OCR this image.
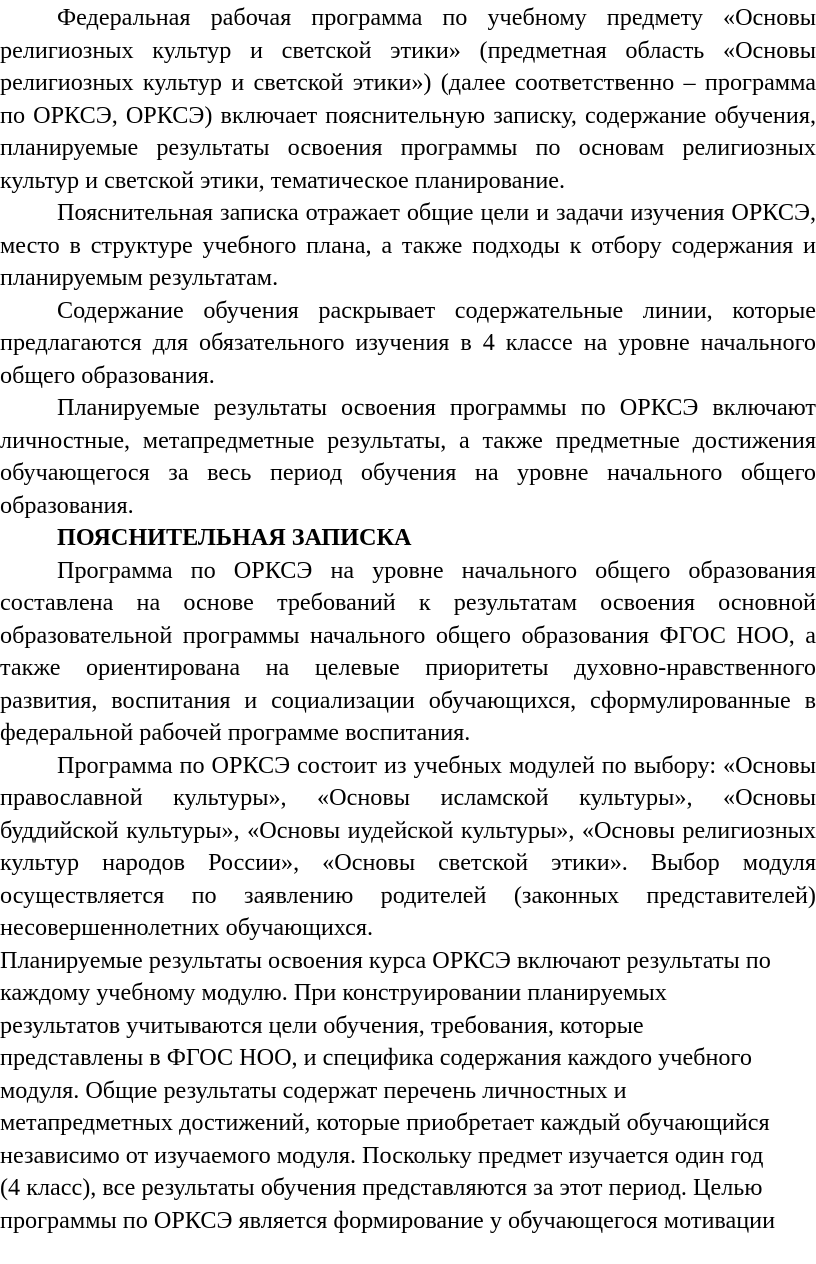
Федеральная рабочая программа по учебному предмету «Основы религиозных культур и светской этики» (предметная область «Основы религиозных культур и светской этики») (далее соответственно – программа по ОРКСЭ, ОРКСЭ) включает пояснительную записку, содержание обучения, планируемые результаты освоения программы по основам религиозных культур и светской этики, тематическое планирование.

Пояснительная записка отражает общие цели и задачи изучения ОРКСЭ, место в структуре учебного плана, а также подходы к отбору содержания и планируемым результатам.

Содержание обучения раскрывает содержательные линии, которые предлагаются для обязательного изучения в 4 классе на уровне начального общего образования.

Планируемые результаты освоения программы по ОРКСЭ включают личностные, метапредметные результаты, а также предметные достижения обучающегося за весь период обучения на уровне начального общего образования.

ПОЯСНИТЕЛЬНАЯ ЗАПИСКА

Программа по ОРКСЭ на уровне начального общего образования составлена на основе требований к результатам освоения основной образовательной программы начального общего образования ФГОС НОО, а также ориентирована на целевые приоритеты духовно-нравственного развития, воспитания и социализации обучающихся, сформулированные в федеральной рабочей программе воспитания.

Программа по ОРКСЭ состоит из учебных модулей по выбору: «Основы православной культуры», «Основы исламской культуры», «Основы буддийской культуры», «Основы иудейской культуры», «Основы религиозных культур народов России», «Основы светской этики». Выбор модуля осуществляется по заявлению родителей (законных представителей) несовершеннолетних обучающихся.

Планируемые результаты освоения курса ОРКСЭ включают результаты по
каждому учебному модулю. При конструировании планируемых
результатов учитываются цели обучения, требования, которые
представлены в ФГОС НОО, и специфика содержания каждого учебного
модуля. Общие результаты содержат перечень личностных и
метапредметных достижений, которые приобретает каждый обучающийся
независимо от изучаемого модуля. Поскольку предмет изучается один год
(4 класс), все результаты обучения представляются за этот период. Целью
программы по ОРКСЭ является формирование у обучающегося мотивации
